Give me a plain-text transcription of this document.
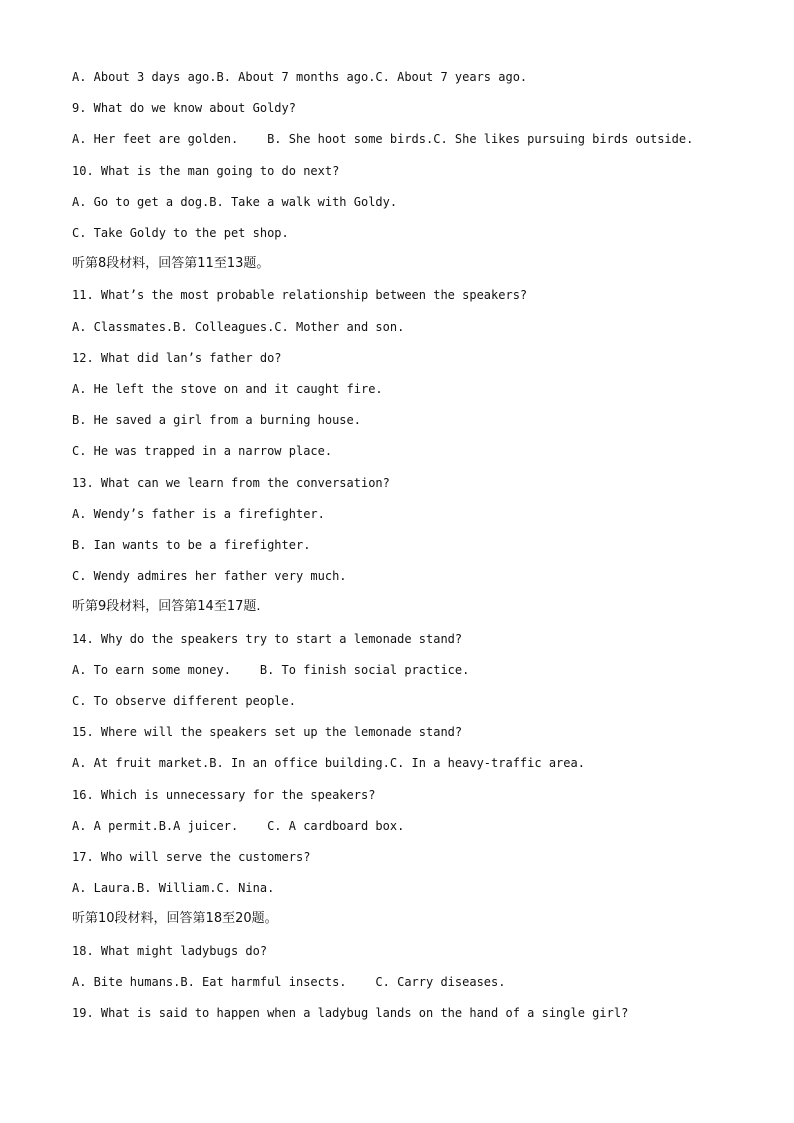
A. About 3 days ago.B. About 7 months ago.C. About 7 years ago.
9. What do we know about Goldy?
A. Her feet are golden.    B. She hoot some birds.C. She likes pursuing birds outside.
10. What is the man going to do next?
A. Go to get a dog.B. Take a walk with Goldy.
C. Take Goldy to the pet shop.
听第8段材料，回答第11至13题。
11. What’s the most probable relationship between the speakers?
A. Classmates.B. Colleagues.C. Mother and son.
12. What did lan’s father do?
A. He left the stove on and it caught fire.
B. He saved a girl from a burning house.
C. He was trapped in a narrow place.
13. What can we learn from the conversation?
A. Wendy’s father is a firefighter.
B. Ian wants to be a firefighter.
C. Wendy admires her father very much.
听第9段材料，回答第14至17题.
14. Why do the speakers try to start a lemonade stand?
A. To earn some money.    B. To finish social practice.
C. To observe different people.
15. Where will the speakers set up the lemonade stand?
A. At fruit market.B. In an office building.C. In a heavy-traffic area.
16. Which is unnecessary for the speakers?
A. A permit.B.A juicer.    C. A cardboard box.
17. Who will serve the customers?
A. Laura.B. William.C. Nina.
听第10段材料，回答第18至20题。
18. What might ladybugs do?
A. Bite humans.B. Eat harmful insects.    C. Carry diseases.
19. What is said to happen when a ladybug lands on the hand of a single girl?
